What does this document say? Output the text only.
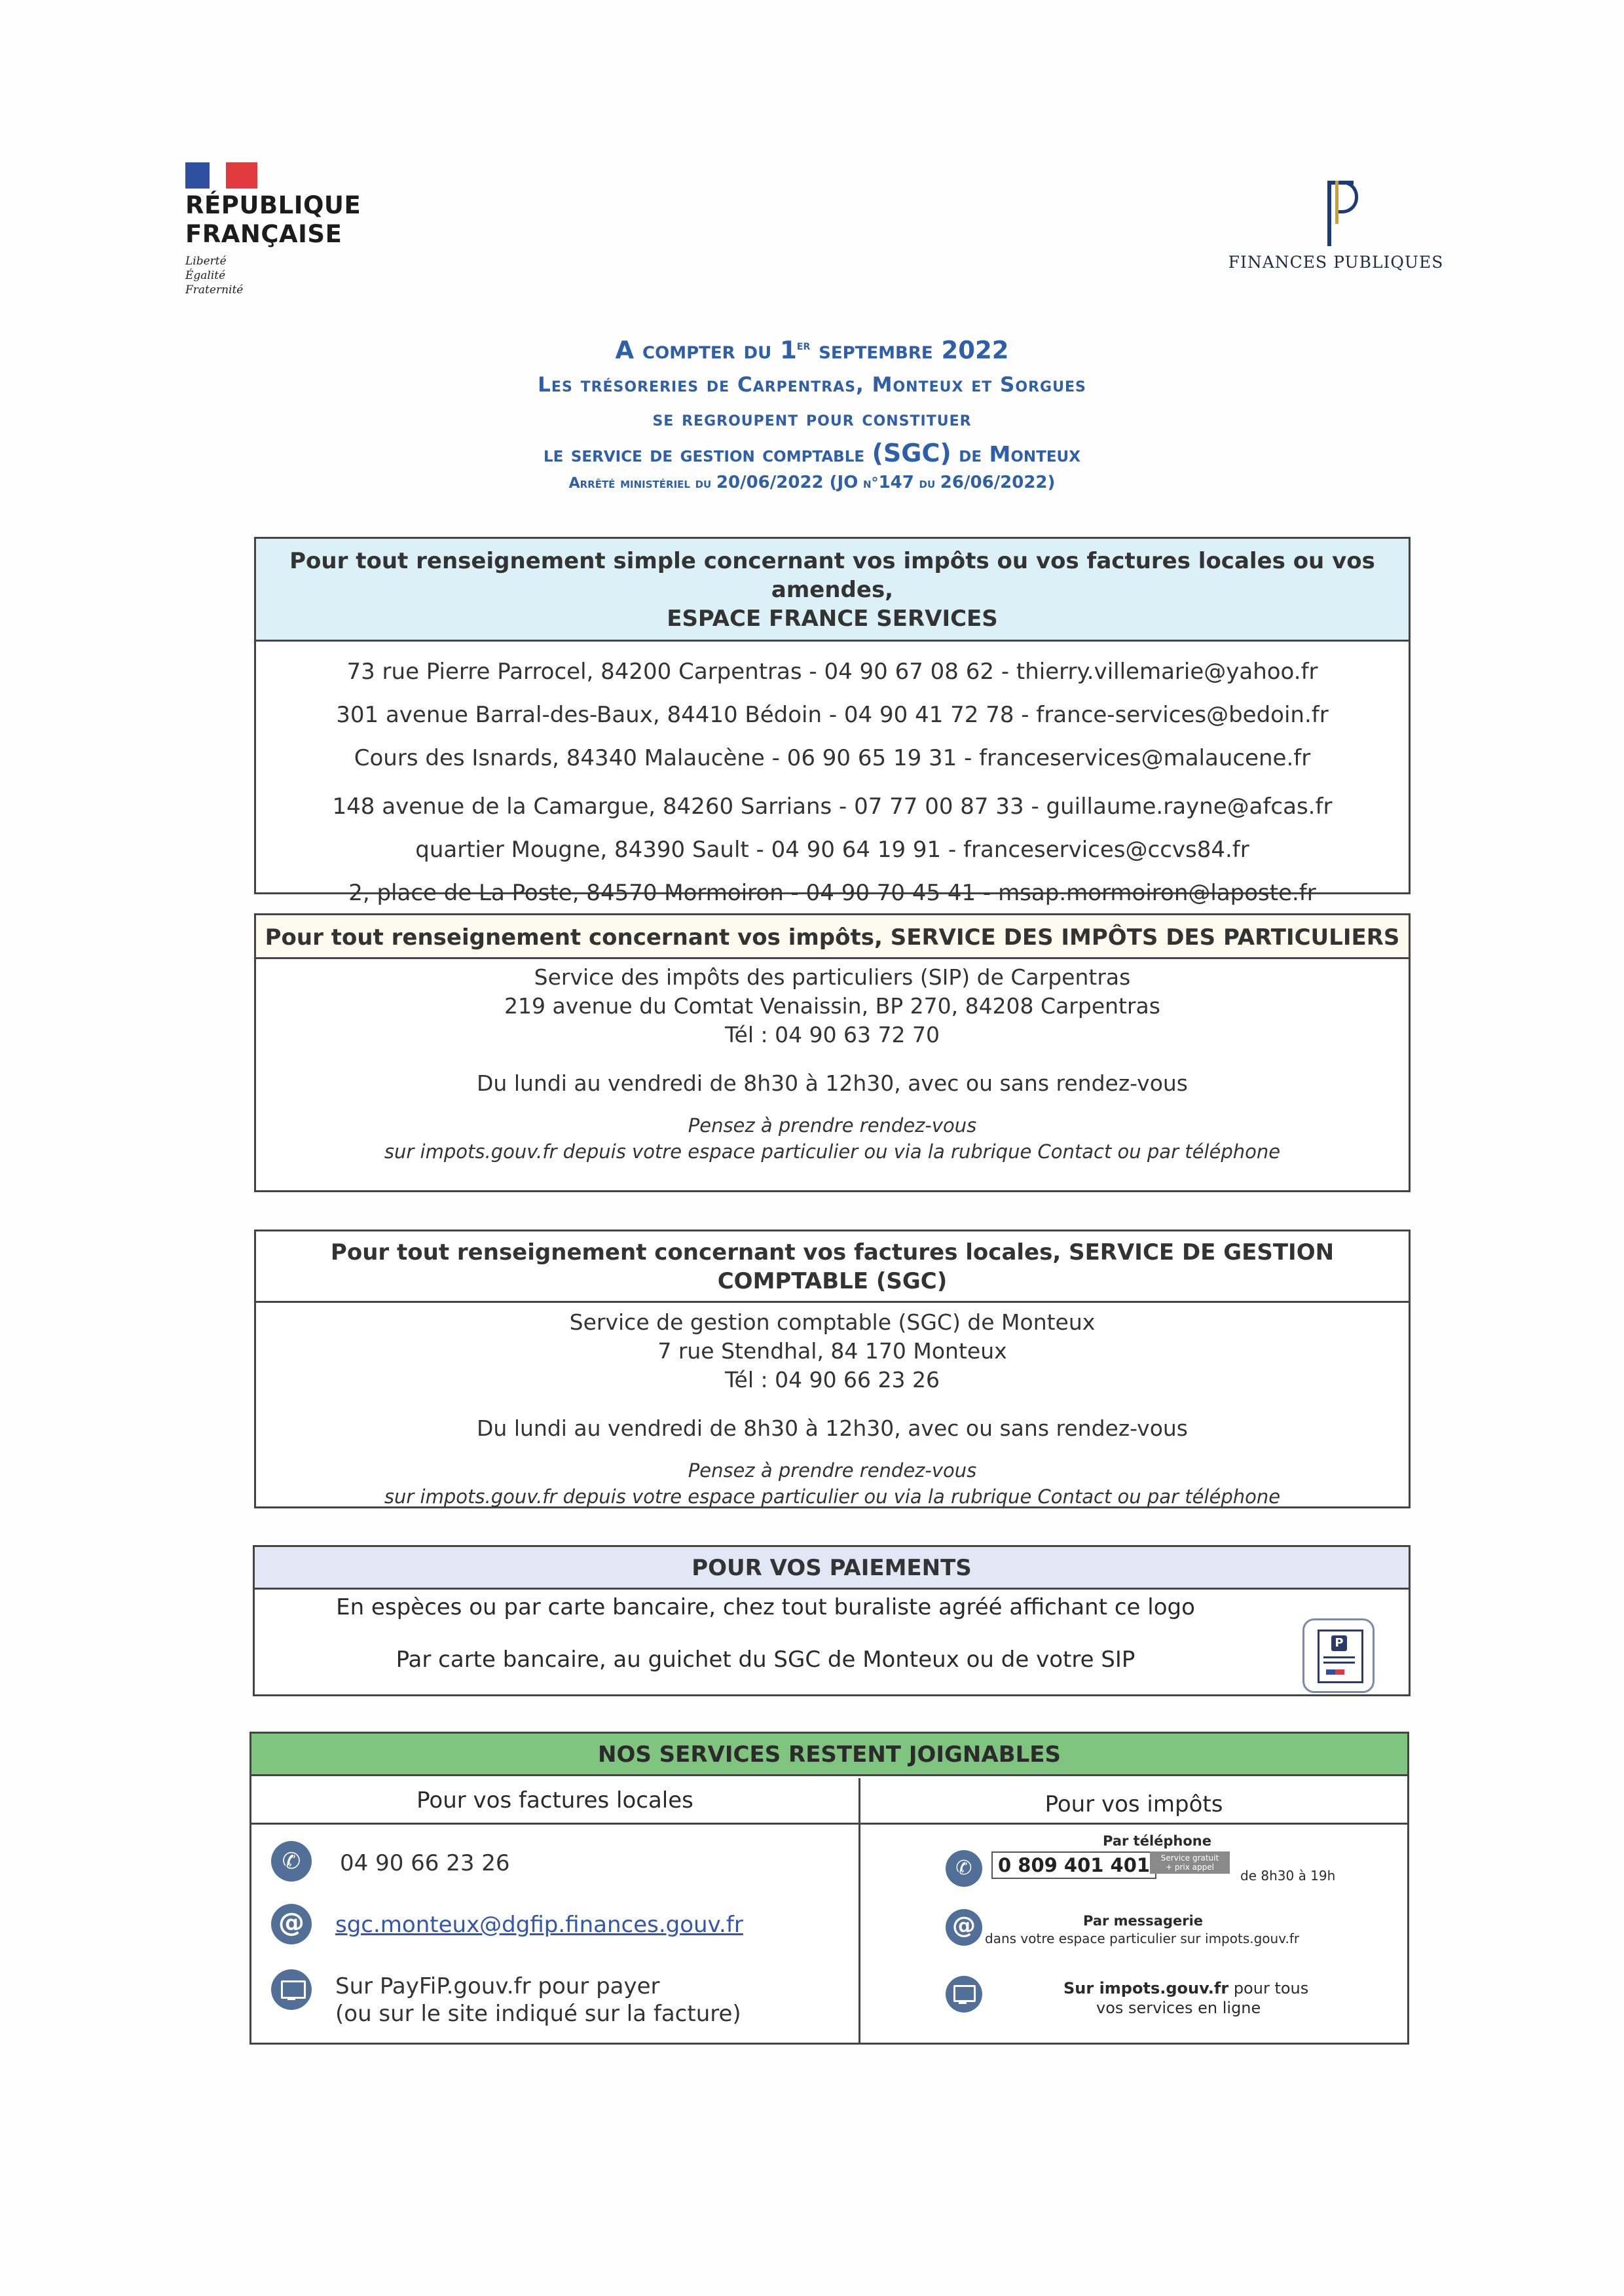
RÉPUBLIQUE
FRANÇAISE
Liberté
Égalité
Fraternité
FINANCES PUBLIQUES
A compter du 1er septembre 2022
Les trésoreries de Carpentras, Monteux et Sorgues
se regroupent pour constituer
le service de gestion comptable (SGC) de Monteux
Arrêté ministériel du 20/06/2022 (JO n°147 du 26/06/2022)
Pour tout renseignement simple concernant vos impôts ou vos factures locales ou vos amendes,
ESPACE FRANCE SERVICES
73 rue Pierre Parrocel, 84200 Carpentras - 04 90 67 08 62 - thierry.villemarie@yahoo.fr
301 avenue Barral-des-Baux, 84410 Bédoin - 04 90 41 72 78 - france-services@bedoin.fr
Cours des Isnards, 84340 Malaucène - 06 90 65 19 31 - franceservices@malaucene.fr
148 avenue de la Camargue, 84260 Sarrians - 07 77 00 87 33 - guillaume.rayne@afcas.fr
quartier Mougne, 84390 Sault - 04 90 64 19 91 - franceservices@ccvs84.fr
2, place de La Poste, 84570 Mormoiron - 04 90 70 45 41 - msap.mormoiron@laposte.fr
Pour tout renseignement concernant vos impôts, SERVICE DES IMPÔTS DES PARTICULIERS
Service des impôts des particuliers (SIP) de Carpentras
219 avenue du Comtat Venaissin, BP 270, 84208 Carpentras
Tél : 04 90 63 72 70
Du lundi au vendredi de 8h30 à 12h30, avec ou sans rendez-vous
Pensez à prendre rendez-vous
sur impots.gouv.fr depuis votre espace particulier ou via la rubrique Contact ou par téléphone
Pour tout renseignement concernant vos factures locales, SERVICE DE GESTION COMPTABLE (SGC)
Service de gestion comptable (SGC) de Monteux
7 rue Stendhal, 84 170 Monteux
Tél : 04 90 66 23 26
Du lundi au vendredi de 8h30 à 12h30, avec ou sans rendez-vous
Pensez à prendre rendez-vous
sur impots.gouv.fr depuis votre espace particulier ou via la rubrique Contact ou par téléphone
POUR VOS PAIEMENTS
En espèces ou par carte bancaire, chez tout buraliste agréé affichant ce logo
Par carte bancaire, au guichet du SGC de Monteux ou de votre SIP
P
NOS SERVICES RESTENT JOIGNABLES
Pour vos factures locales	Pour vos impôts
✆	04 90 66 23 26
@	sgc.monteux@dgfip.finances.gouv.fr
Sur PayFiP.gouv.fr pour payer
(ou sur le site indiqué sur la facture)
Par téléphone
✆	0 809 401 401	Service gratuit
+ prix appel
de 8h30 à 19h
@	Par messagerie
dans votre espace particulier sur impots.gouv.fr
Sur impots.gouv.fr pour tous
vos services en ligne
